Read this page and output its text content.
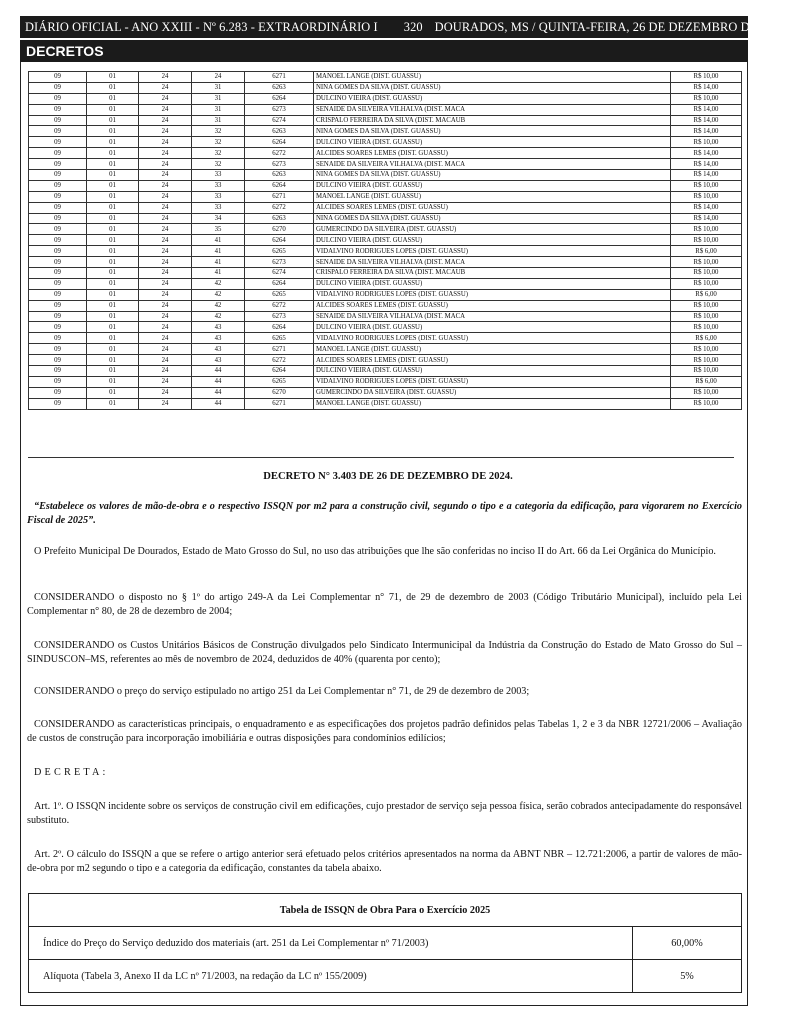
DIÁRIO OFICIAL - ANO XXIII - Nº 6.283 - EXTRAORDINÁRIO I 320 DOURADOS, MS / QUINTA-FEIRA, 26 DE DEZEMBRO DE 2024
DECRETOS
09	01	24	24	6271	MANOEL LANGE (DIST. GUASSU)	R$ 10,00
09	01	24	31	6263	NINA GOMES DA SILVA (DIST. GUASSU)	R$ 14,00
09	01	24	31	6264	DULCINO VIEIRA (DIST. GUASSU)	R$ 10,00
09	01	24	31	6273	SENAIDE DA SILVEIRA VILHALVA (DIST. MACA	R$ 14,00
09	01	24	31	6274	CRISPALO FERREIRA DA SILVA (DIST. MACAUB	R$ 14,00
09	01	24	32	6263	NINA GOMES DA SILVA (DIST. GUASSU)	R$ 14,00
09	01	24	32	6264	DULCINO VIEIRA (DIST. GUASSU)	R$ 10,00
09	01	24	32	6272	ALCIDES SOARES LEMES (DIST. GUASSU)	R$ 14,00
09	01	24	32	6273	SENAIDE DA SILVEIRA VILHALVA (DIST. MACA	R$ 14,00
09	01	24	33	6263	NINA GOMES DA SILVA (DIST. GUASSU)	R$ 14,00
09	01	24	33	6264	DULCINO VIEIRA (DIST. GUASSU)	R$ 10,00
09	01	24	33	6271	MANOEL LANGE (DIST. GUASSU)	R$ 10,00
09	01	24	33	6272	ALCIDES SOARES LEMES (DIST. GUASSU)	R$ 14,00
09	01	24	34	6263	NINA GOMES DA SILVA (DIST. GUASSU)	R$ 14,00
09	01	24	35	6270	GUMERCINDO DA SILVEIRA (DIST. GUASSU)	R$ 10,00
09	01	24	41	6264	DULCINO VIEIRA (DIST. GUASSU)	R$ 10,00
09	01	24	41	6265	VIDALVINO RODRIGUES LOPES (DIST. GUASSU)	R$ 6,00
09	01	24	41	6273	SENAIDE DA SILVEIRA VILHALVA (DIST. MACA	R$ 10,00
09	01	24	41	6274	CRISPALO FERREIRA DA SILVA (DIST. MACAUB	R$ 10,00
09	01	24	42	6264	DULCINO VIEIRA (DIST. GUASSU)	R$ 10,00
09	01	24	42	6265	VIDALVINO RODRIGUES LOPES (DIST. GUASSU)	R$ 6,00
09	01	24	42	6272	ALCIDES SOARES LEMES (DIST. GUASSU)	R$ 10,00
09	01	24	42	6273	SENAIDE DA SILVEIRA VILHALVA (DIST. MACA	R$ 10,00
09	01	24	43	6264	DULCINO VIEIRA (DIST. GUASSU)	R$ 10,00
09	01	24	43	6265	VIDALVINO RODRIGUES LOPES (DIST. GUASSU)	R$ 6,00
09	01	24	43	6271	MANOEL LANGE (DIST. GUASSU)	R$ 10,00
09	01	24	43	6272	ALCIDES SOARES LEMES (DIST. GUASSU)	R$ 10,00
09	01	24	44	6264	DULCINO VIEIRA (DIST. GUASSU)	R$ 10,00
09	01	24	44	6265	VIDALVINO RODRIGUES LOPES (DIST. GUASSU)	R$ 6,00
09	01	24	44	6270	GUMERCINDO DA SILVEIRA (DIST. GUASSU)	R$ 10,00
09	01	24	44	6271	MANOEL LANGE (DIST. GUASSU)	R$ 10,00
DECRETO N° 3.403 DE 26 DE DEZEMBRO DE 2024.

“Estabelece os valores de mão-de-obra e o respectivo ISSQN por m2 para a construção civil, segundo o tipo e a categoria da edificação, para vigorarem no Exercício Fiscal de 2025”.

O Prefeito Municipal De Dourados, Estado de Mato Grosso do Sul, no uso das atribuições que lhe são conferidas no inciso II do Art. 66 da Lei Orgânica do Município.

CONSIDERANDO o disposto no § 1º do artigo 249-A da Lei Complementar n° 71, de 29 de dezembro de 2003 (Código Tributário Municipal), incluído pela Lei Complementar n° 80, de 28 de dezembro de 2004;

CONSIDERANDO os Custos Unitários Básicos de Construção divulgados pelo Sindicato Intermunicipal da Indústria da Construção do Estado de Mato Grosso do Sul – SINDUSCON–MS, referentes ao mês de novembro de 2024, deduzidos de 40% (quarenta por cento);

CONSIDERANDO o preço do serviço estipulado no artigo 251 da Lei Complementar n° 71, de 29 de dezembro de 2003;

CONSIDERANDO as características principais, o enquadramento e as especificações dos projetos padrão definidos pelas Tabelas 1, 2 e 3 da NBR 12721/2006 – Avaliação de custos de construção para incorporação imobiliária e outras disposições para condomínios edilícios;

DECRETA:

Art. 1º. O ISSQN incidente sobre os serviços de construção civil em edificações, cujo prestador de serviço seja pessoa física, serão cobrados antecipadamente do responsável substituto.

Art. 2º. O cálculo do ISSQN a que se refere o artigo anterior será efetuado pelos critérios apresentados na norma da ABNT NBR – 12.721:2006, a partir de valores de mão-de-obra por m2 segundo o tipo e a categoria da edificação, constantes da tabela abaixo.

Tabela de ISSQN de Obra Para o Exercício 2025	
Índice do Preço do Serviço deduzido dos materiais (art. 251 da Lei Complementar nº 71/2003)	60,00%
Alíquota (Tabela 3, Anexo II da LC nº 71/2003, na redação da LC nº 155/2009)	5%
